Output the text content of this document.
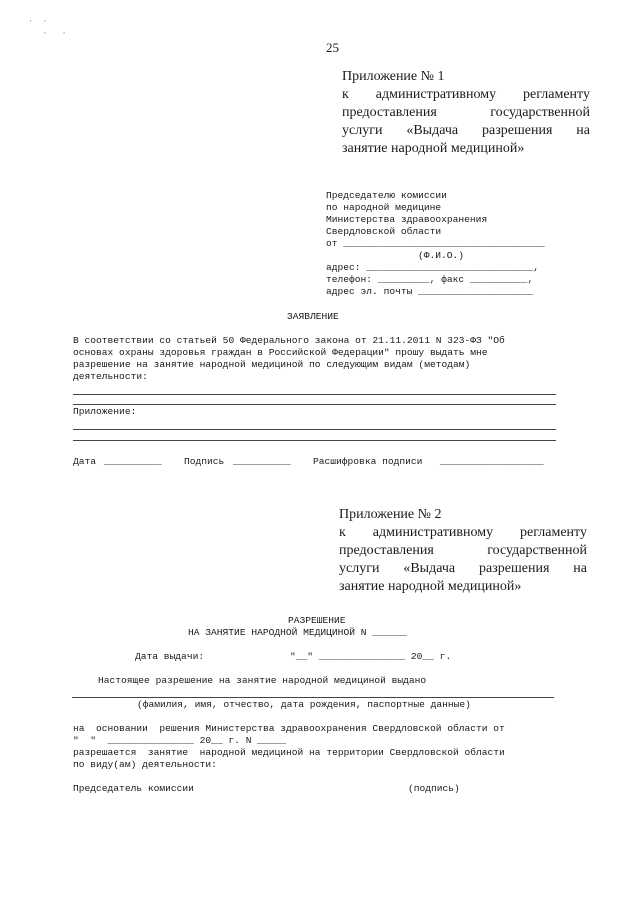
·  ·
·   ·
25
Приложение № 1
к административному регламенту
предоставления государственной
услуги «Выдача разрешения на
занятие народной медициной»
Председателю комиссии
по народной медицине
Министерства здравоохранения
Свердловской области
от ___________________________________
(Ф.И.О.)
адрес: _____________________________,
телефон: _________, факс __________,
адрес эл. почты ____________________
ЗАЯВЛЕНИЕ
В соответствии со статьей 50 Федерального закона от 21.11.2011 N 323-ФЗ "Об
основах охраны здоровья граждан в Российской Федерации" прошу выдать мне
разрешение на занятие народной медициной по следующим видам (методам)
деятельности:
Приложение:
Дата __________ Подпись __________ Расшифровка подписи __________________
Приложение № 2
к административному регламенту
предоставления государственной
услуги «Выдача разрешения на
занятие народной медициной»
РАЗРЕШЕНИЕ
НА ЗАНЯТИЕ НАРОДНОЙ МЕДИЦИНОЙ N ______
Дата выдачи:	"__" _______________ 20__ г.
Настоящее разрешение на занятие народной медициной выдано
(фамилия, имя, отчество, дата рождения, паспортные данные)
на  основании  решения Министерства здравоохранения Свердловской области от
"  "  _______________ 20__ г. N _____
разрешается  занятие  народной медициной на территории Свердловской области
по виду(ам) деятельности:
Председатель комиссии	(подпись)
